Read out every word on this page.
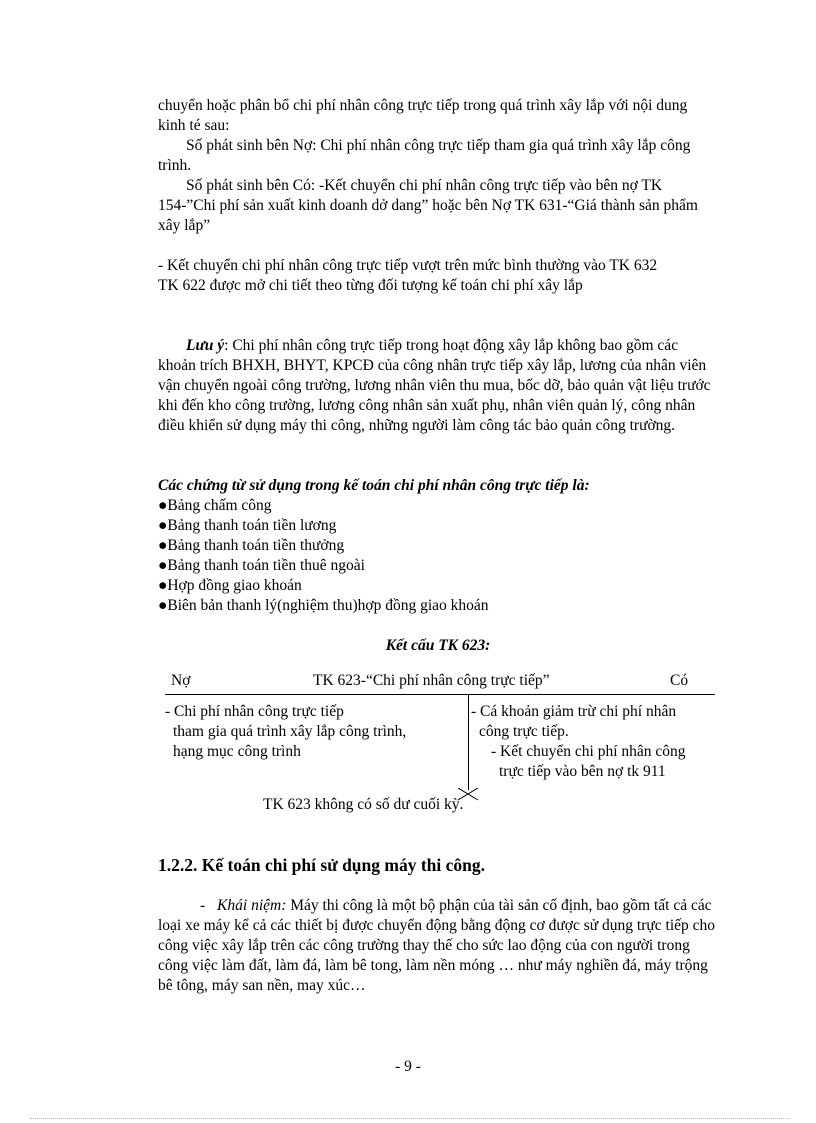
chuyển hoặc phân bổ chi phí nhân công trực tiếp trong quá trình xây lắp với nội dung kinh té sau:

Số phát sinh bên Nợ: Chi phí nhân công trực tiếp tham gia quá trình xây lắp công trình.

Số phát sinh bên Có: -Kết chuyển chi phí nhân công trực tiếp vào bên nợ TK 154-”Chi phí sản xuất kinh doanh dở dang” hoặc bên Nợ TK 631-“Giá thành sản phẩm xây lắp”

- Kết chuyển chi phí nhân công trực tiếp vượt trên mức bình thường vào TK 632

TK 622 được mở chi tiết theo từng đối tượng kế toán chi phí xây lắp

Lưu ý: Chi phí nhân công trực tiếp trong hoạt động xây lắp không bao gồm các khoản trích BHXH, BHYT, KPCĐ của công nhân trực tiếp xây lắp, lương của nhân viên vận chuyển ngoài công trường, lương nhân viên thu mua, bốc dỡ, bảo quản vật liệu trước khi đến kho công trường, lương công nhân sản xuất phụ, nhân viên quản lý, công nhân điều khiển sử dụng máy thi công, những người làm công tác bảo quản công trường.

Các chứng từ sử dụng trong kế toán chi phí nhân công trực tiếp là:

●Bảng chấm công
●Bảng thanh toán tiền lương
●Bảng thanh toán tiền thưởng
●Bảng thanh toán tiền thuê ngoài
●Hợp đồng giao khoán
●Biên bản thanh lý(nghiệm thu)hợp đồng giao khoán
Kết cấu TK 623:
Nợ	TK 623-“Chi phí nhân công trực tiếp”	Có
- Chi phí nhân công trực tiếp
tham gia quá trình xây lắp công trình,
hạng mục công trình
- Cá khoản giảm trừ chi phí nhân
công trực tiếp.
- Kết chuyển chi phí nhân công
trực tiếp vào bên nợ tk 911
TK 623 không có số dư cuối kỳ.
1.2.2. Kế toán chi phí sử dụng máy thi công.

- Khái niệm: Máy thi công là một bộ phận của tài sản cố định, bao gồm tất cả các loại xe máy kể cả các thiết bị được chuyển động bằng động cơ được sử dụng trực tiếp cho công việc xây lắp trên các công trường thay thế cho sức lao động của con người trong công việc làm đất, làm đá, làm bê tong, làm nền móng … như máy nghiền đá, máy trộng bê tông, máy san nền, may xúc…

- 9 -
